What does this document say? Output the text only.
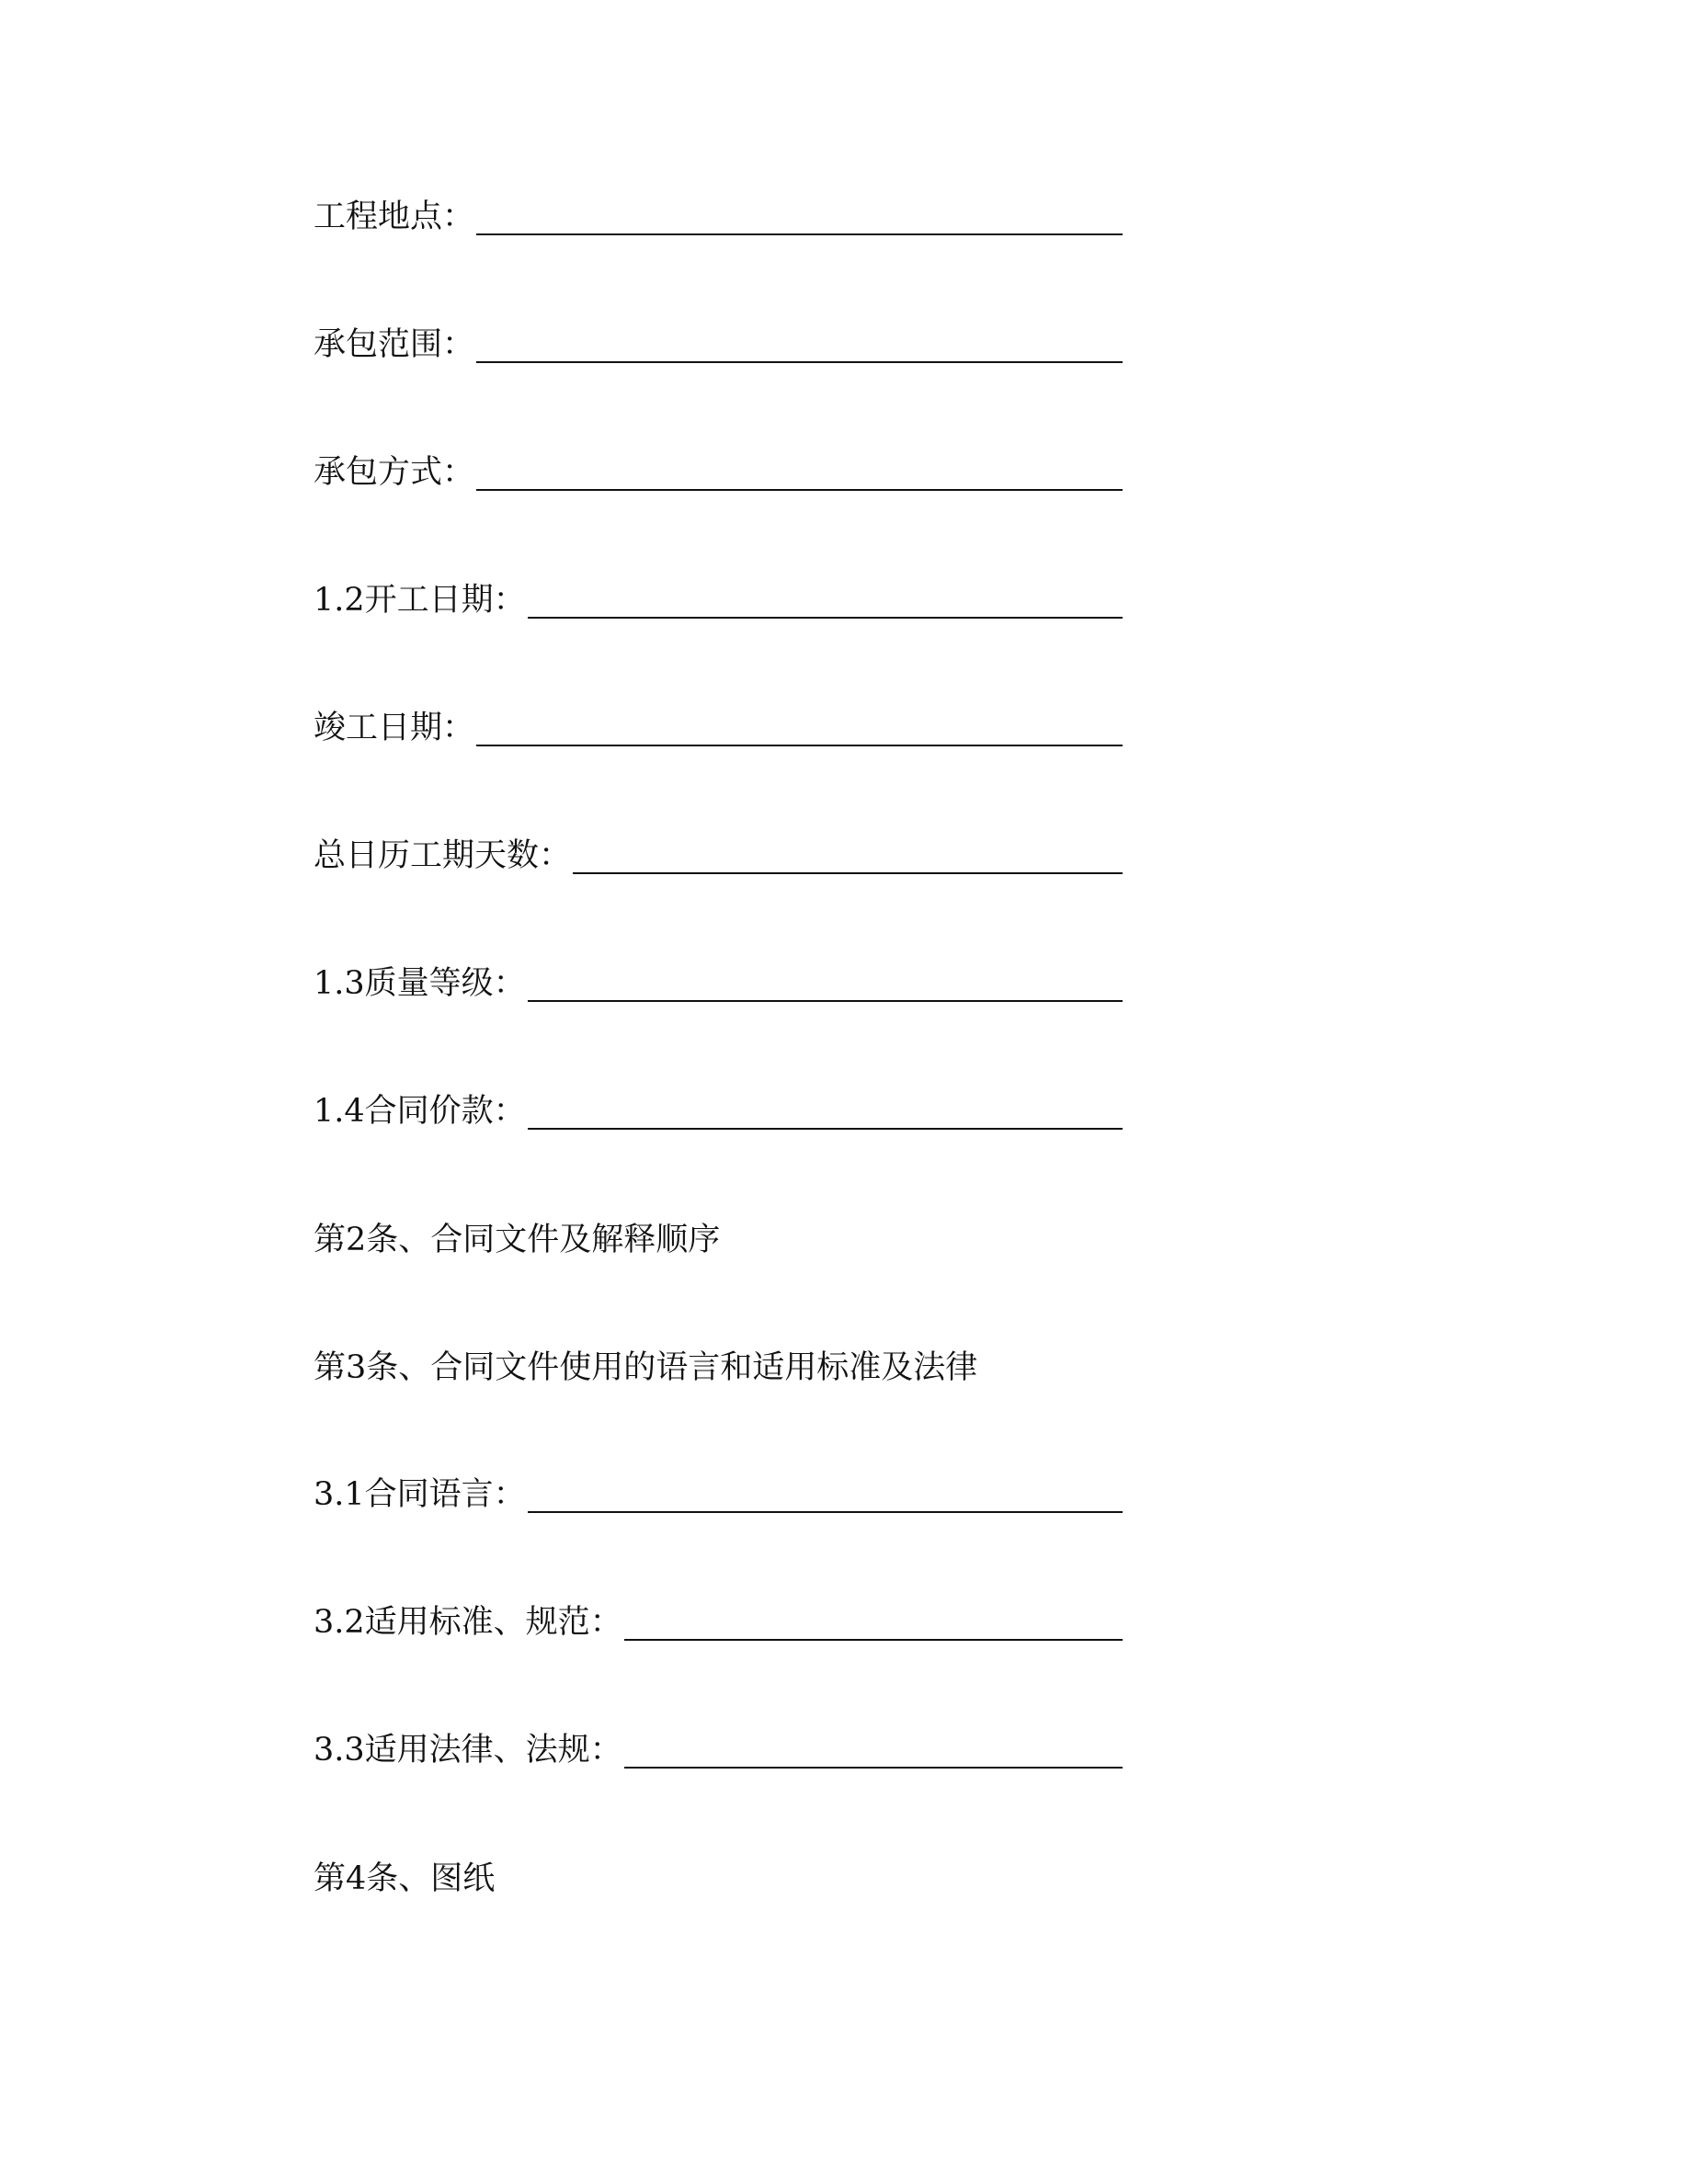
工程地点：
承包范围：
承包方式：
1.2开工日期：
竣工日期：
总日历工期天数：
1.3质量等级：
1.4合同价款：
第2条、合同文件及解释顺序
第3条、合同文件使用的语言和适用标准及法律
3.1合同语言：
3.2适用标准、规范：
3.3适用法律、法规：
第4条、图纸
